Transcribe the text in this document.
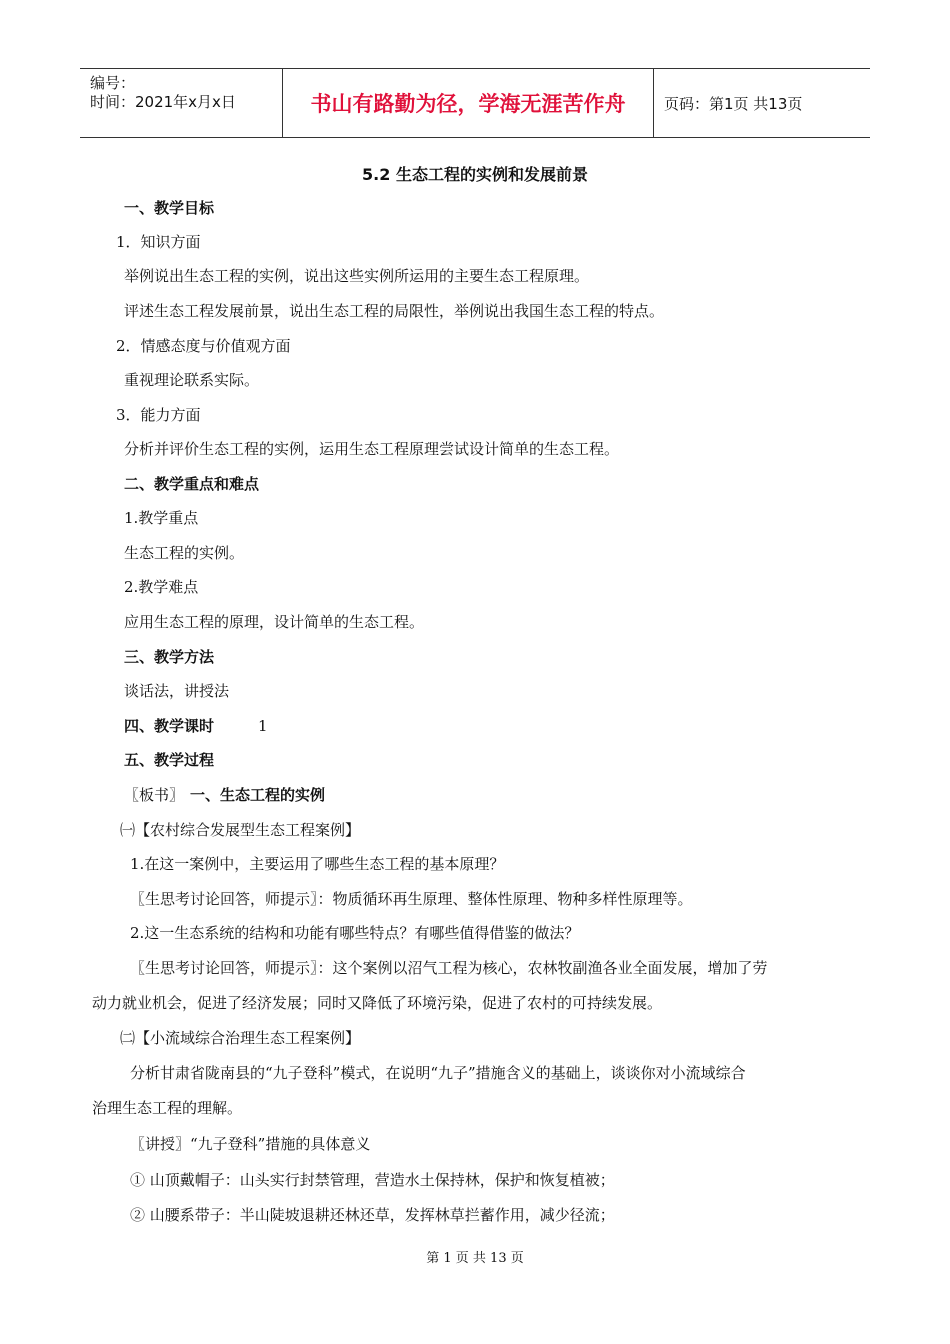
编号：
时间：2021年x月x日	书山有路勤为径，学海无涯苦作舟	页码：第1页 共13页
5.2 生态工程的实例和发展前景
一、教学目标
1．知识方面
举例说出生态工程的实例，说出这些实例所运用的主要生态工程原理。
评述生态工程发展前景，说出生态工程的局限性，举例说出我国生态工程的特点。
2．情感态度与价值观方面
重视理论联系实际。
3．能力方面
分析并评价生态工程的实例，运用生态工程原理尝试设计简单的生态工程。
二、教学重点和难点
1.教学重点
生态工程的实例。
2.教学难点
应用生态工程的原理，设计简单的生态工程。
三、教学方法
谈话法，讲授法
四、教学课时	1
五、教学过程
〖板书〗 一、生态工程的实例
㈠【农村综合发展型生态工程案例】
1.在这一案例中，主要运用了哪些生态工程的基本原理？
〖生思考讨论回答，师提示〗：物质循环再生原理、整体性原理、物种多样性原理等。
2.这一生态系统的结构和功能有哪些特点？有哪些值得借鉴的做法？
〖生思考讨论回答，师提示〗：这个案例以沼气工程为核心，农林牧副渔各业全面发展，增加了劳
动力就业机会，促进了经济发展；同时又降低了环境污染，促进了农村的可持续发展。
㈡【小流域综合治理生态工程案例】
分析甘肃省陇南县的“九子登科”模式，在说明“九子”措施含义的基础上，谈谈你对小流域综合
治理生态工程的理解。
〖讲授〗“九子登科”措施的具体意义
① 山顶戴帽子：山头实行封禁管理，营造水土保持林，保护和恢复植被；
② 山腰系带子：半山陡坡退耕还林还草，发挥林草拦蓄作用，减少径流；
第 1 页 共 13 页
